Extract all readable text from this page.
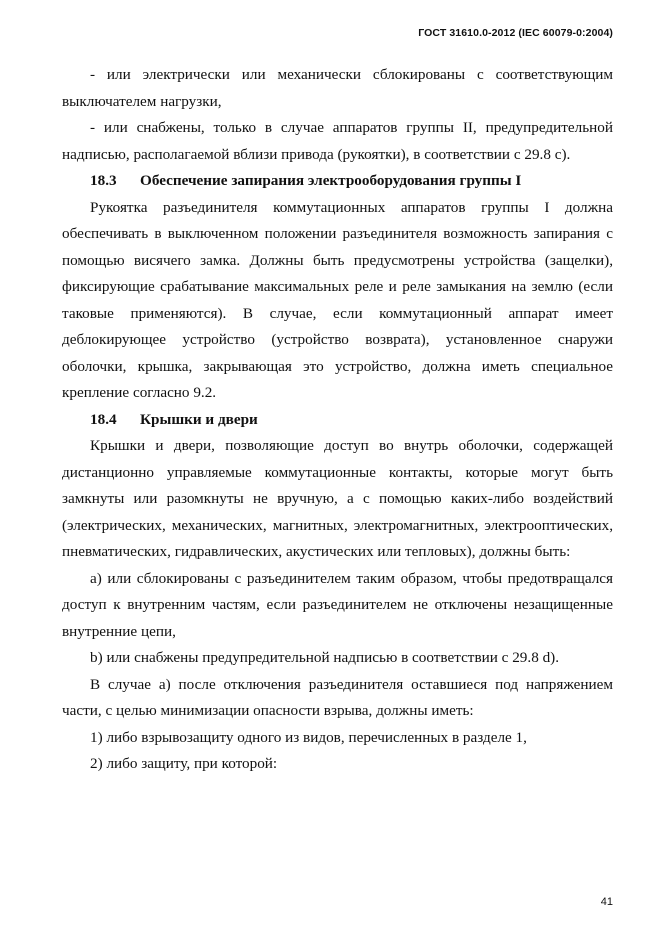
ГОСТ 31610.0-2012 (IEC 60079-0:2004)

- или электрически или механически сблокированы с соответствующим выключателем нагрузки,

- или снабжены, только в случае аппаратов группы II, предупредительной надписью, располагаемой вблизи привода (рукоятки), в соответствии с 29.8 c).

18.3	Обеспечение запирания электрооборудования группы I

Рукоятка разъединителя коммутационных аппаратов группы I должна обеспечивать в выключенном положении разъединителя возможность запирания с помощью висячего замка. Должны быть предусмотрены устройства (защелки), фиксирующие срабатывание максимальных реле и реле замыкания на землю (если таковые применяются). В случае, если коммутационный аппарат имеет деблокирующее устройство (устройство возврата), установленное снаружи оболочки, крышка, закрывающая это устройство, должна иметь специальное крепление согласно 9.2.

18.4	Крышки и двери

Крышки и двери, позволяющие доступ во внутрь оболочки, содержащей дистанционно управляемые коммутационные контакты, которые могут быть замкнуты или разомкнуты не вручную, а с помощью каких-либо воздействий (электрических, механических, магнитных, электромагнитных, электрооптических, пневматических, гидравлических, акустических или тепловых), должны быть:

a) или сблокированы с разъединителем таким образом, чтобы предотвращался доступ к внутренним частям, если разъединителем не отключены незащищенные внутренние цепи,

b) или снабжены предупредительной надписью в соответствии с 29.8 d).

В случае a) после отключения разъединителя оставшиеся под напряжением части, с целью минимизации опасности взрыва, должны иметь:

1) либо взрывозащиту одного из видов, перечисленных в разделе 1,

2) либо защиту, при которой:

41
